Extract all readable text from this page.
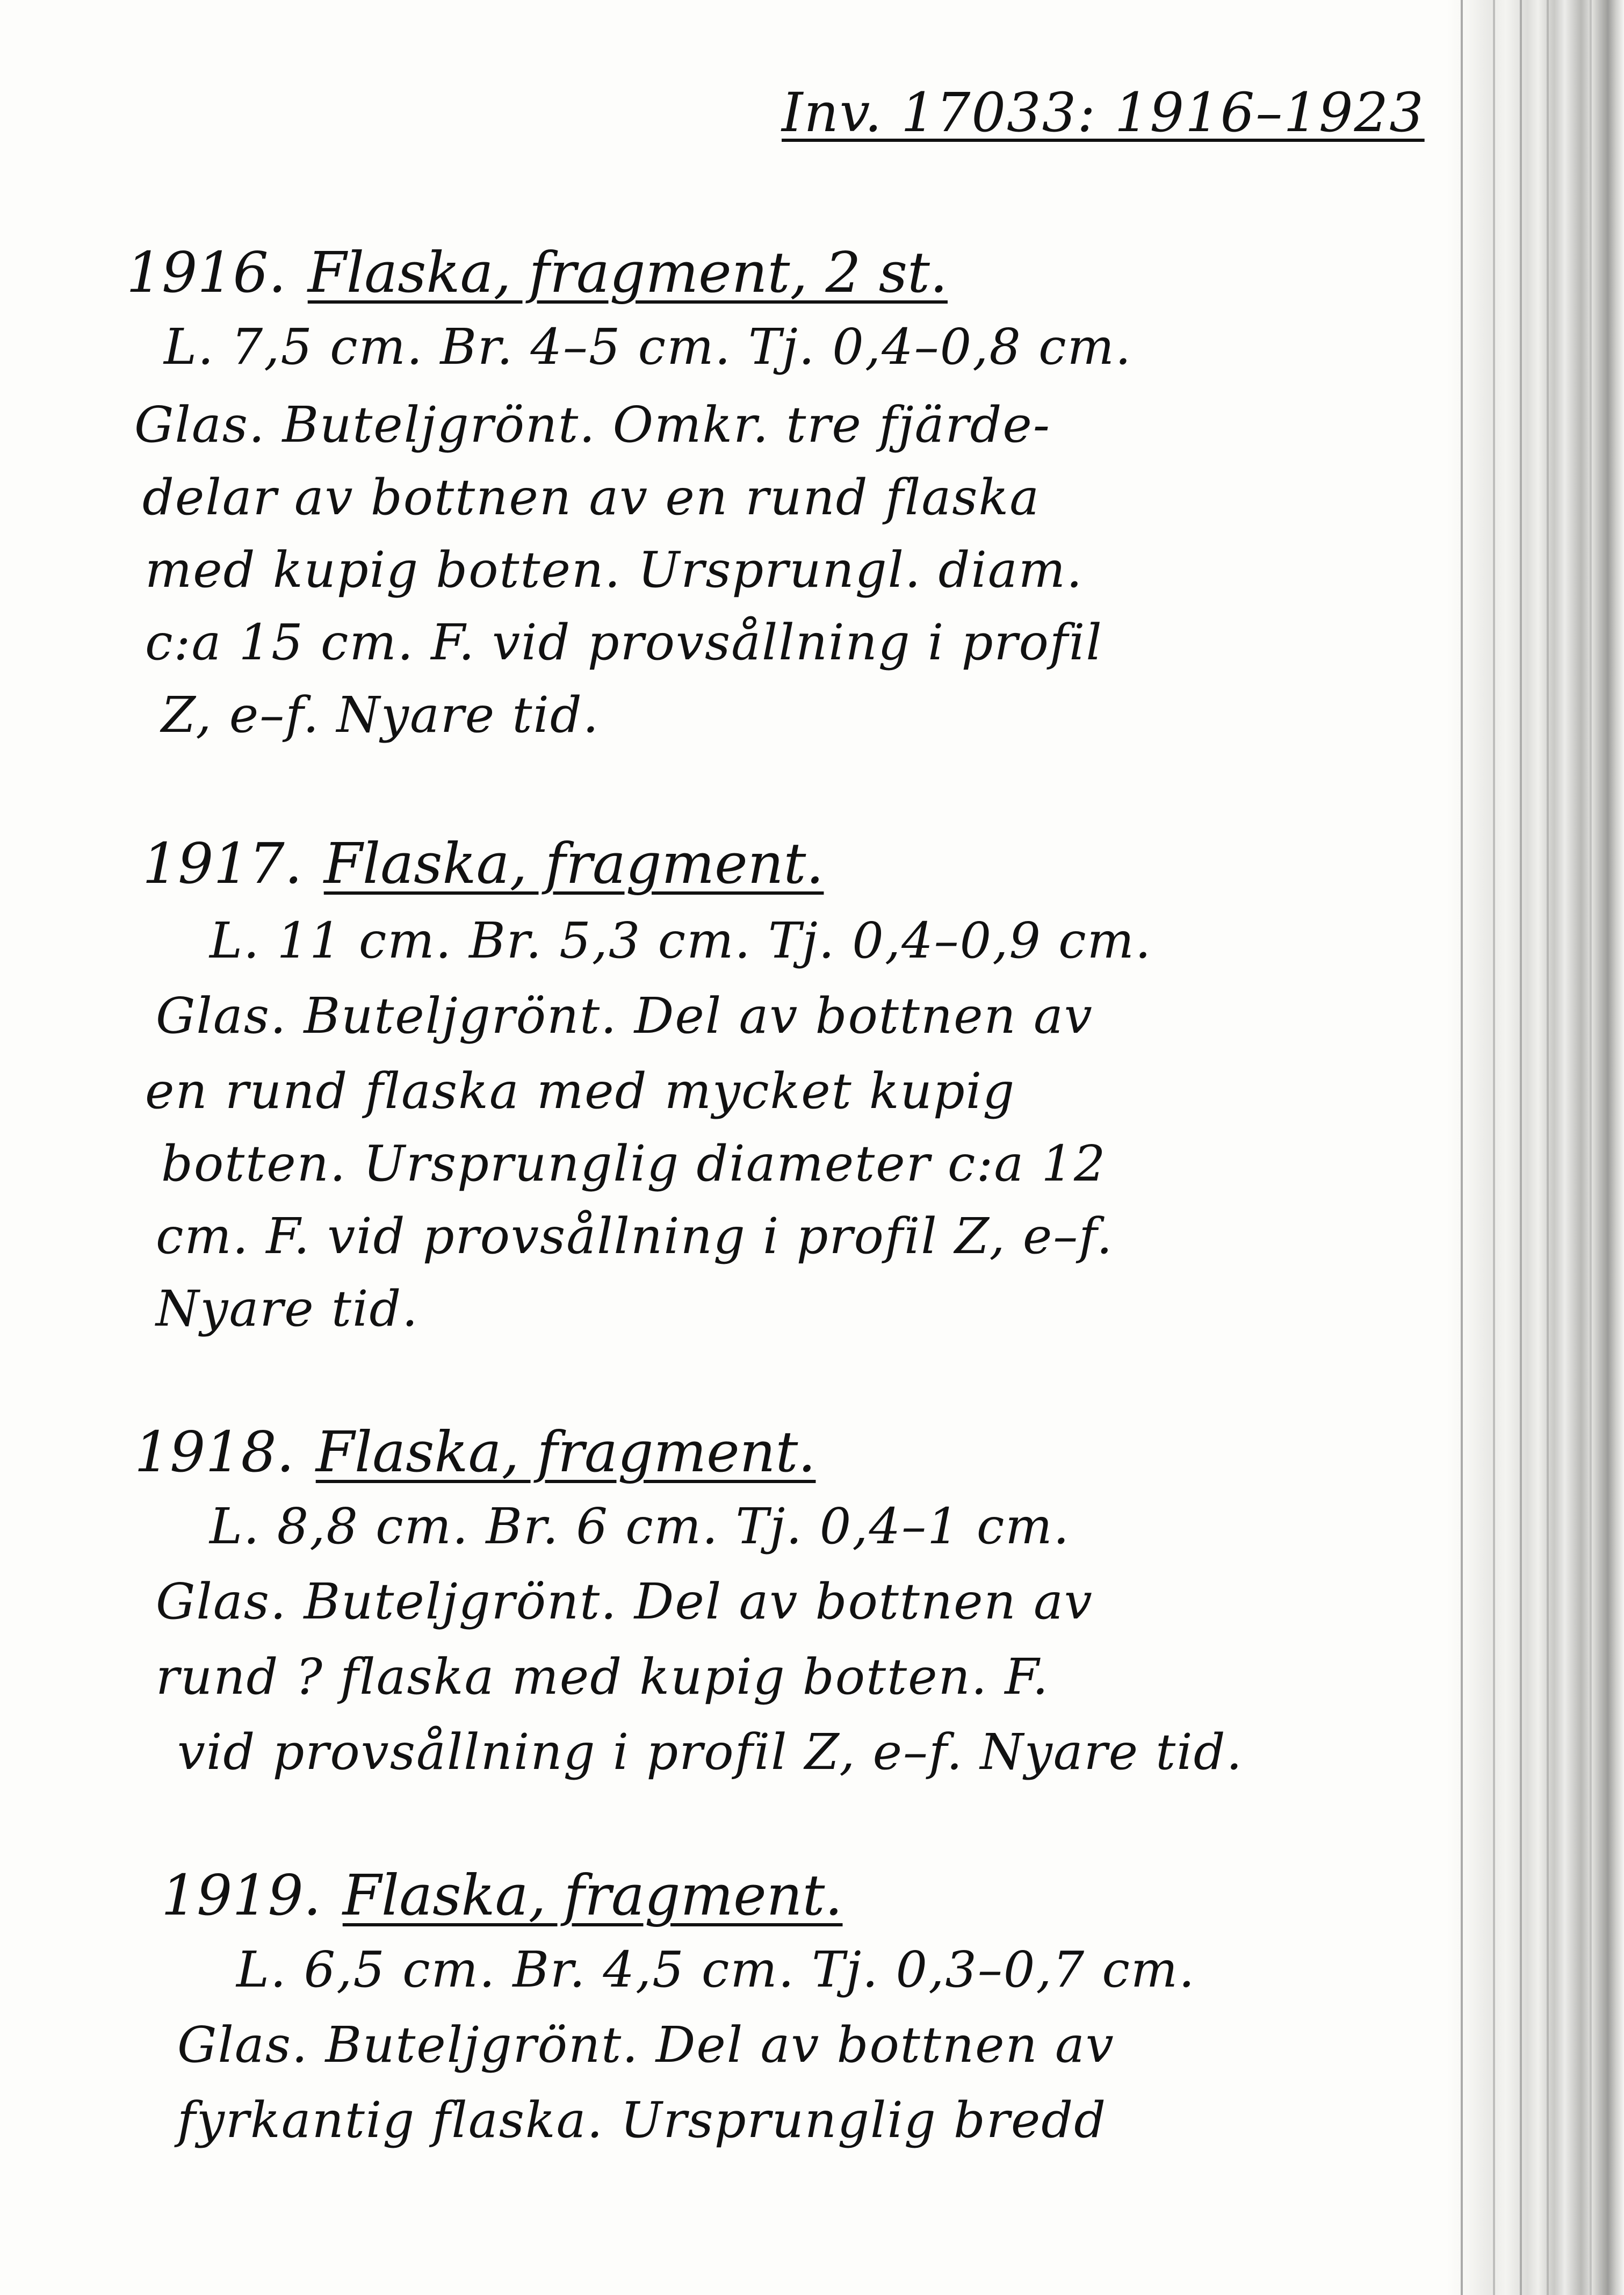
Inv. 17033: 1916–1923
1916. Flaska, fragment, 2 st.
L. 7,5 cm. Br. 4–5 cm. Tj. 0,4–0,8 cm.
Glas. Buteljgrönt. Omkr. tre fjärde-
delar av bottnen av en rund flaska
med kupig botten. Ursprungl. diam.
c:a 15 cm. F. vid provsållning i profil
Z, e–f. Nyare tid.
1917. Flaska, fragment.
L. 11 cm. Br. 5,3 cm. Tj. 0,4–0,9 cm.
Glas. Buteljgrönt. Del av bottnen av
en rund flaska med mycket kupig
botten. Ursprunglig diameter c:a 12
cm. F. vid provsållning i profil Z, e–f.
Nyare tid.
1918. Flaska, fragment.
L. 8,8 cm. Br. 6 cm. Tj. 0,4–1 cm.
Glas. Buteljgrönt. Del av bottnen av
rund ? flaska med kupig botten. F.
vid provsållning i profil Z, e–f. Nyare tid.
1919. Flaska, fragment.
L. 6,5 cm. Br. 4,5 cm. Tj. 0,3–0,7 cm.
Glas. Buteljgrönt. Del av bottnen av
fyrkantig flaska. Ursprunglig bredd
